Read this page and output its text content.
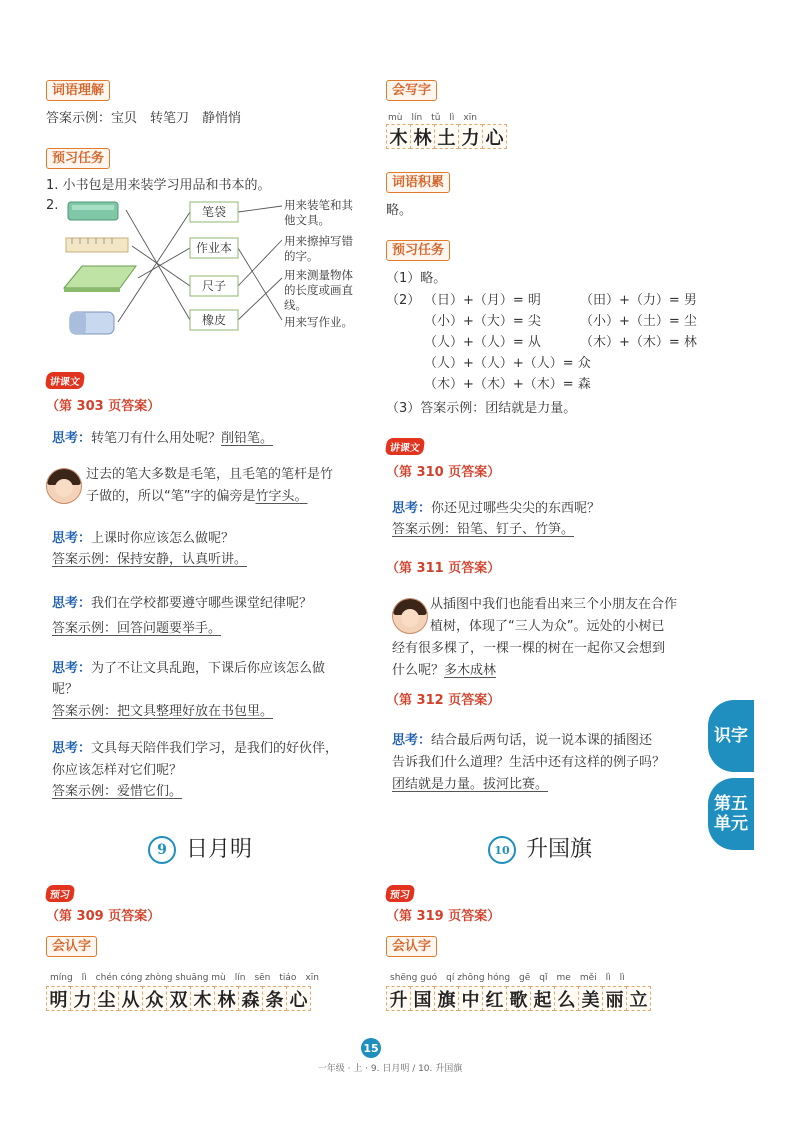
词语理解
答案示例：宝贝　转笔刀　静悄悄
预习任务
1. 小书包是用来装学习用品和书本的。
2.	笔袋
作业本
尺子
橡皮
用来装笔和其他文具。
用来擦掉写错的字。
用来测量物体的长度或画直线。
用来写作业。
讲课文
（第 303 页答案）
思考：转笔刀有什么用处呢？削铅笔。
过去的笔大多数是毛笔，且毛笔的笔杆是竹
子做的，所以“笔”字的偏旁是竹字头。
思考：上课时你应该怎么做呢？
答案示例：保持安静，认真听讲。
思考：我们在学校都要遵守哪些课堂纪律呢？
答案示例：回答问题要举手。
思考：为了不让文具乱跑，下课后你应该怎么做
呢？
答案示例：把文具整理好放在书包里。
思考：文具每天陪伴我们学习，是我们的好伙伴，
你应该怎样对它们呢？
答案示例：爱惜它们。
9 日月明
预习
（第 309 页答案）
会认字
míng　lì　chén cóng zhòng shuāng mù　lín　sēn　tiáo　xīn
明 力 尘 从 众 双 木 林 森 条 心
会写字
mù　lín　tǔ　lì　xīn
木 林 土 力 心
词语积累
略。
预习任务
（1）略。
（2） （日）+（月）= 明
（小）+（大）= 尖
（人）+（人）= 从
（人）+（人）+（人）= 众
（木）+（木）+（木）= 森
（田）+（力）= 男
（小）+（土）= 尘
（木）+（木）= 林
（3）答案示例：团结就是力量。
讲课文
（第 310 页答案）
思考：你还见过哪些尖尖的东西呢？
答案示例：铅笔、钉子、竹笋。
（第 311 页答案）
从插图中我们也能看出来三个小朋友在合作
植树，体现了“三人为众”。远处的小树已
经有很多棵了，一棵一棵的树在一起你又会想到
什么呢？多木成林
（第 312 页答案）
思考：结合最后两句话，说一说本课的插图还
告诉我们什么道理？生活中还有这样的例子吗？
团结就是力量。拔河比赛。
10 升国旗
预习
（第 319 页答案）
会认字
shēng guó　qí zhōng hóng　gē　qǐ　me　měi　lì　lì
升 国 旗 中 红 歌 起 么 美 丽 立
识字
第五单元
15
一年级 · 上 · 9. 日月明 / 10. 升国旗
